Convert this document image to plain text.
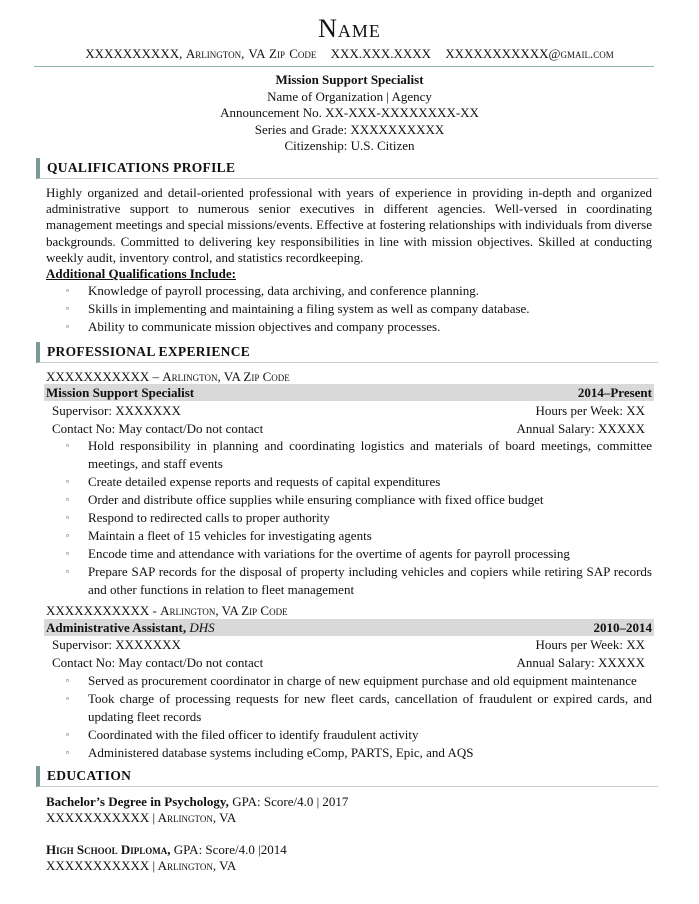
Name
XXXXXXXXXX, Arlington, VA Zip Code XXX.XXX.XXXX XXXXXXXXXXX@gmail.com
Mission Support Specialist
Name of Organization | Agency
Announcement No. XX-XXX-XXXXXXXX-XX
Series and Grade: XXXXXXXXXX
Citizenship: U.S. Citizen
QUALIFICATIONS PROFILE
Highly organized and detail-oriented professional with years of experience in providing in-depth and organized administrative support to numerous senior executives in different agencies. Well-versed in coordinating management meetings and special missions/events. Effective at fostering relationships with individuals from diverse backgrounds. Committed to delivering key responsibilities in line with mission objectives. Skilled at conducting weekly audit, inventory control, and statistics recordkeeping.
Additional Qualifications Include:
▫ Knowledge of payroll processing, data archiving, and conference planning.
▫ Skills in implementing and maintaining a filing system as well as company database.
▫ Ability to communicate mission objectives and company processes.
PROFESSIONAL EXPERIENCE
XXXXXXXXXXX – Arlington, VA Zip Code
Mission Support Specialist	2014–Present
Supervisor: XXXXXXX	Hours per Week: XX
Contact No: May contact/Do not contact	Annual Salary: XXXXX
▫ Hold responsibility in planning and coordinating logistics and materials of board meetings, committee meetings, and staff events
▫ Create detailed expense reports and requests of capital expenditures
▫ Order and distribute office supplies while ensuring compliance with fixed office budget
▫ Respond to redirected calls to proper authority
▫ Maintain a fleet of 15 vehicles for investigating agents
▫ Encode time and attendance with variations for the overtime of agents for payroll processing
▫ Prepare SAP records for the disposal of property including vehicles and copiers while retiring SAP records and other functions in relation to fleet management
XXXXXXXXXXX - Arlington, VA Zip Code
Administrative Assistant, DHS	2010–2014
Supervisor: XXXXXXX	Hours per Week: XX
Contact No: May contact/Do not contact	Annual Salary: XXXXX
▫ Served as procurement coordinator in charge of new equipment purchase and old equipment maintenance
▫ Took charge of processing requests for new fleet cards, cancellation of fraudulent or expired cards, and updating fleet records
▫ Coordinated with the filed officer to identify fraudulent activity
▫ Administered database systems including eComp, PARTS, Epic, and AQS
EDUCATION
Bachelor’s Degree in Psychology, GPA: Score/4.0 | 2017
XXXXXXXXXXX | Arlington, VA
High School Diploma, GPA: Score/4.0 |2014
XXXXXXXXXXX | Arlington, VA
